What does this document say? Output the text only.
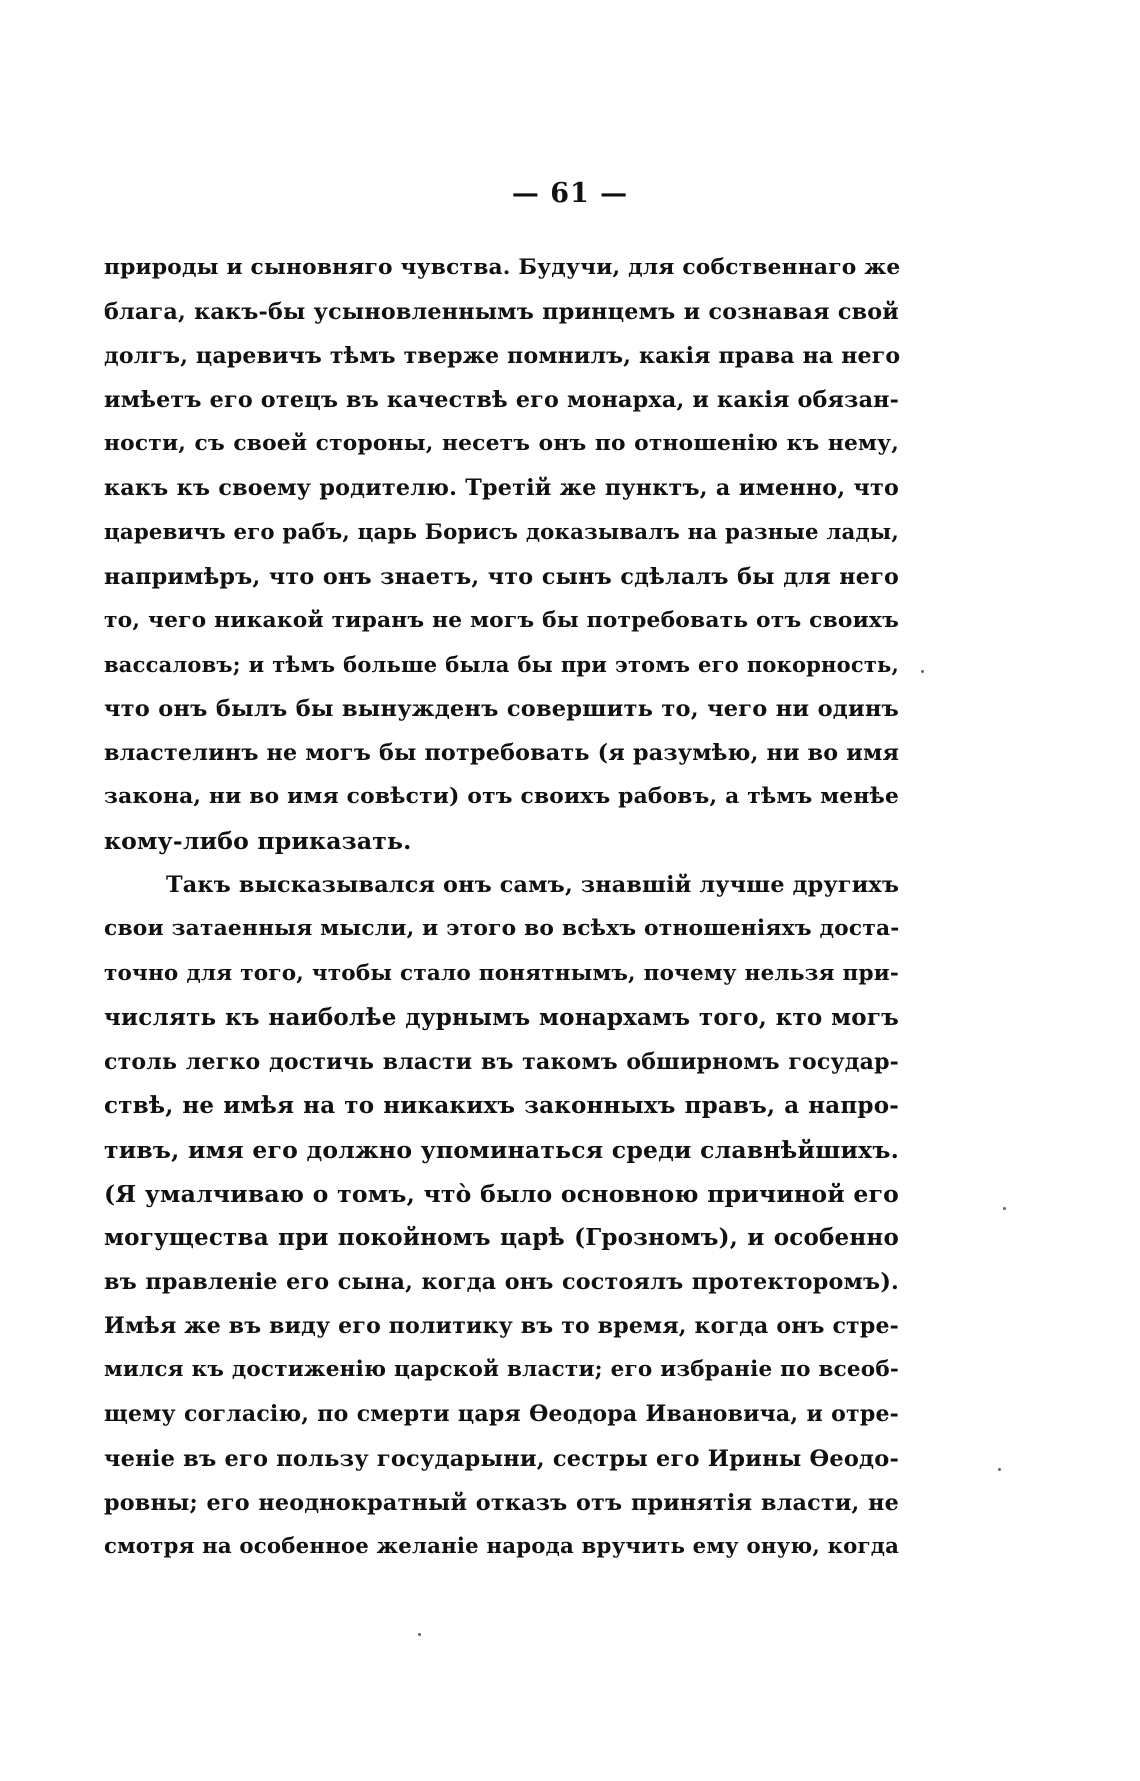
— 61 —
природы и сыновняго чувства. Будучи, для собственнаго же
блага, какъ-бы усыновленнымъ принцемъ и сознавая свой
долгъ, царевичъ тѣмъ тверже помнилъ, какія права на него
имѣетъ его отецъ въ качествѣ его монарха, и какія обязан-
ности, съ своей стороны, несетъ онъ по отношенію къ нему,
какъ къ своему родителю. Третій же пунктъ, а именно, что
царевичъ его рабъ, царь Борисъ доказывалъ на разные лады,
напримѣръ, что онъ знаетъ, что сынъ сдѣлалъ бы для него
то, чего никакой тиранъ не могъ бы потребовать отъ своихъ
вассаловъ; и тѣмъ больше была бы при этомъ его покорность,
что онъ былъ бы вынужденъ совершить то, чего ни одинъ
властелинъ не могъ бы потребовать (я разумѣю, ни во имя
закона, ни во имя совѣсти) отъ своихъ рабовъ, а тѣмъ менѣе
кому-либо приказать.
Такъ высказывался онъ самъ, знавшій лучше другихъ
свои затаенныя мысли, и этого во всѣхъ отношеніяхъ доста-
точно для того, чтобы стало понятнымъ, почему нельзя при-
числять къ наиболѣе дурнымъ монархамъ того, кто могъ
столь легко достичь власти въ такомъ обширномъ государ-
ствѣ, не имѣя на то никакихъ законныхъ правъ, а напро-
тивъ, имя его должно упоминаться среди славнѣйшихъ.
(Я умалчиваю о томъ, что̀ было основною причиной его
могущества при покойномъ царѣ (Грозномъ), и особенно
въ правленіе его сына, когда онъ состоялъ протекторомъ).
Имѣя же въ виду его политику въ то время, когда онъ стре-
мился къ достиженію царской власти; его избраніе по всеоб-
щему согласію, по смерти царя Ѳеодора Ивановича, и отре-
ченіе въ его пользу государыни, сестры его Ирины Ѳеодо-
ровны; его неоднократный отказъ отъ принятія власти, не
смотря на особенное желаніе народа вручить ему оную, когда
